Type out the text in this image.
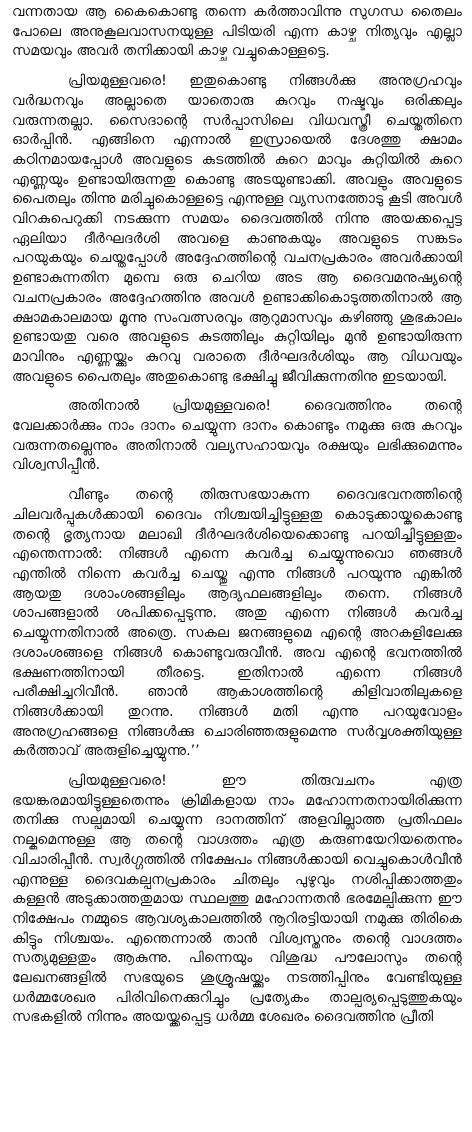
വന്നതായ ആ കൈകൊണ്ടു തന്നെ കർത്താവിന്നു സുഗന്ധ തൈലം പോലെ അനുകൂലവാസനയുള്ള പിടിയരി എന്ന കാഴ്ച നിത്യവും എല്ലാ സമയവും അവർ തനിക്കായി കാഴ്ച വച്ചുകൊള്ളട്ടെ.

പ്രിയമുള്ളവരെ! ഇതുകൊണ്ടു നിങ്ങൾക്കു അനുഗ്രഹവും വർദ്ധനവും അല്ലാതെ യാതൊരു കുറവും നഷ്ടവും ഒരിക്കലും വരുന്നതല്ലാ. സൈദാന്റെ സർപ്പാസിലെ വിധവസ്ത്രീ ചെയ്തതിനെ ഓർപ്പിൻ. എങ്ങിനെ എന്നാൽ ഇസ്രായെൽ ദേശത്തു ക്ഷാമം കഠിനമായപ്പോൾ അവളുടെ കുടത്തിൽ കുറെ മാവും കുറ്റിയിൽ കുറെ എണ്ണയും ഉണ്ടായിരുന്നതു കൊണ്ടു അടയുണ്ടാക്കി. അവളും അവളുടെ പൈതലും തിന്നു മരിച്ചുകൊള്ളട്ടെ എന്നുള്ള വ്യസനത്തോടു കൂടി അവൾ വിറകുപെറുക്കി നടക്കുന്ന സമയം ദൈവത്തിൽ നിന്നു അയക്കപ്പെട്ട ഏലിയാ ദീർഘദർശി അവളെ കാണുകയും അവളുടെ സങ്കടം പറയുകയും ചെയ്തപ്പോൾ അദ്ദേഹത്തിന്റെ വചനപ്രകാരം അവർക്കായി ഉണ്ടാകുന്നതിന മുമ്പെ ഒരു ചെറിയ അട ആ ദൈവമനുഷ്യന്റെ വചനപ്രകാരം അദ്ദേഹത്തിനു അവൾ ഉണ്ടാക്കികൊടുത്തതിനാൽ ആ ക്ഷാമകാലമായ മൂന്നു സംവത്സരവും ആറുമാസവും കഴിഞ്ഞു ശുഭകാലം ഉണ്ടായതു വരെ അവളുടെ കുടത്തിലും കുറ്റിയിലും മുൻ ഉണ്ടായിരുന്ന മാവിനും എണ്ണയ്ക്കും കുറവു വരാതെ ദീർഘദർശിയും ആ വിധവയും അവളുടെ പൈതലും അതുകൊണ്ടു ഭക്ഷിച്ചു ജീവിക്കുന്നതിനു ഇടയായി.

അതിനാൽ പ്രിയമുള്ളവരെ! ദൈവത്തിനും തന്റെ വേലക്കാർക്കും നാം ദാനം ചെയ്യുന്ന ദാനം കൊണ്ടും നമുക്കു ഒരു കുറവും വരുന്നതല്ലെന്നും അതിനാൽ വല്യസഹായവും രക്ഷയും ലഭിക്കുമെന്നും വിശ്വസിപ്പീൻ.

വീണ്ടും തന്റെ തിരുസഭയാകുന്ന ദൈവഭവനത്തിന്റെ ചിലവർപ്പുകൾക്കായി ദൈവം നിശ്ചയിച്ചിട്ടുള്ളതു കൊടുക്കായ്കകൊണ്ടു തന്റെ ഭൃത്യനായ മലാഖി ദീർഘദർശിയെക്കൊണ്ടു പറയിച്ചിട്ടുള്ളതും എന്തെന്നാൽ: നിങ്ങൾ എന്നെ കവർച്ച ചെയ്യുന്നുവൊ ഞങ്ങൾ എന്തിൽ നിന്നെ കവർച്ച ചെയ്തു എന്നു നിങ്ങൾ പറയുന്നു എങ്കിൽ ആയതു ദശാംശങ്ങളിലും ആദ്യഫലങ്ങളിലും തന്നെ. നിങ്ങൾ ശാപങ്ങളാൽ ശപിക്കപ്പെടുന്നു. അതു എന്നെ നിങ്ങൾ കവർച്ച ചെയ്യുന്നതിനാൽ അത്രെ. സകല ജനങ്ങളുമെ എന്റെ അറകളിലേക്കു ദശാംശങ്ങളെ നിങ്ങൾ കൊണ്ടുവരുവീൻ. അവ എന്റെ ഭവനത്തിൽ ഭക്ഷണത്തിനായി തീരട്ടെ. ഇതിനാൽ എന്നെ നിങ്ങൾ പരീക്ഷിച്ചറിവീൻ. ഞാൻ ആകാശത്തിന്റെ കിളിവാതിലുകളെ നിങ്ങൾക്കായി തുറന്നു. നിങ്ങൾ മതി എന്നു പറയുവോളം അനുഗ്രഹങ്ങളെ നിങ്ങൾക്കു ചൊരിഞ്ഞരുളുമെന്നു സർവ്വശക്തിയുള്ള കർത്താവ് അരുളിച്ചെയ്യുന്നു.’’

പ്രിയമുള്ളവരെ! ഈ തിരുവചനം എത്ര ഭയങ്കരമായിട്ടുള്ളതെന്നും ക്രിമികളായ നാം മഹോന്നതനായിരിക്കുന്ന തനിക്കു സല്പമായി ചെയ്യുന്ന ദാനത്തിന് അളവില്ലാത്ത പ്രതിഫലം നല്കുമെന്നുള്ള ആ തന്റെ വാഗ്ദത്തം എത്ര കരുണയേറിയതെന്നും വിചാരിപ്പീൻ. സ്വർഗ്ഗത്തിൽ നിക്ഷേപം നിങ്ങൾക്കായി വെച്ചുകൊൾവീൻ എന്നുള്ള ദൈവകല്പനപ്രകാരം ചിതലും പുഴുവും നശിപ്പിക്കാത്തതും കള്ളൻ അടുക്കാത്തതുമായ സ്ഥലത്തു മഹോന്നതൻ ഭരമേല്പിക്കുന്ന ഈ നിക്ഷേപം നമ്മുടെ ആവശ്യകാലത്തിൽ നൂറിരട്ടിയായി നമുക്കു തിരികെ കിട്ടും നിശ്ചയം. എന്തെന്നാൽ താൻ വിശ്വസ്തനും തന്റെ വാഗ്ദത്തം സത്യമുള്ളതും ആകുന്നു. പിന്നെയും വിശുദ്ധ പൗലോസും തന്റെ ലേഖനങ്ങളിൽ സഭയുടെ ശുശ്രൂഷയ്ക്കും നടത്തിപ്പിനും വേണ്ടിയുള്ള ധർമ്മശേഖര പിരിവിനെക്കുറിച്ചും പ്രത്യേകം താല്പര്യപ്പെടുത്തുകയും സഭകളിൽ നിന്നും അയയ്ക്കപ്പെട്ട ധർമ്മ ശേഖരം ദൈവത്തിനു പ്രീതി
